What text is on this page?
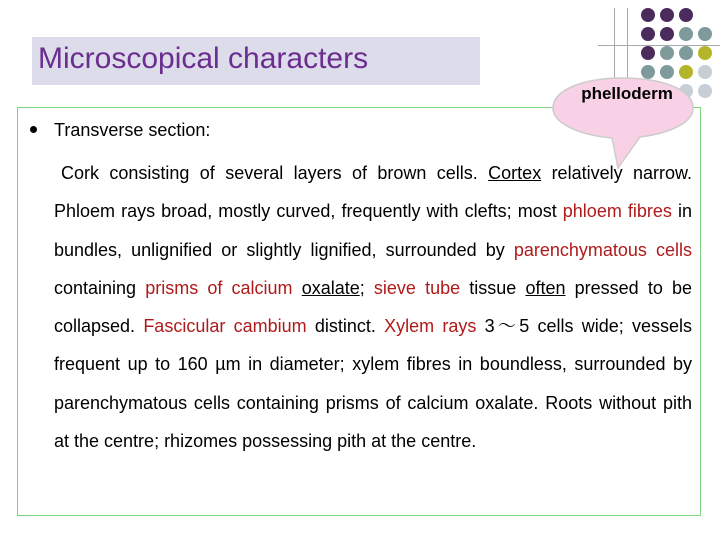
Microscopical characters
Transverse section:
Cork consisting of several layers of brown cells. Cortex relatively narrow. Phloem rays broad, mostly curved, frequently with clefts; most phloem fibres in bundles, unlignified or slightly lignified, surrounded by parenchymatous cells containing prisms of calcium oxalate; sieve tube tissue often pressed to be collapsed. Fascicular cambium distinct. Xylem rays 3～5 cells wide; vessels frequent up to 160 µm in diameter; xylem fibres in boundless, surrounded by parenchymatous cells containing prisms of calcium oxalate. Roots without pith at the centre; rhizomes possessing pith at the centre.
phelloderm
